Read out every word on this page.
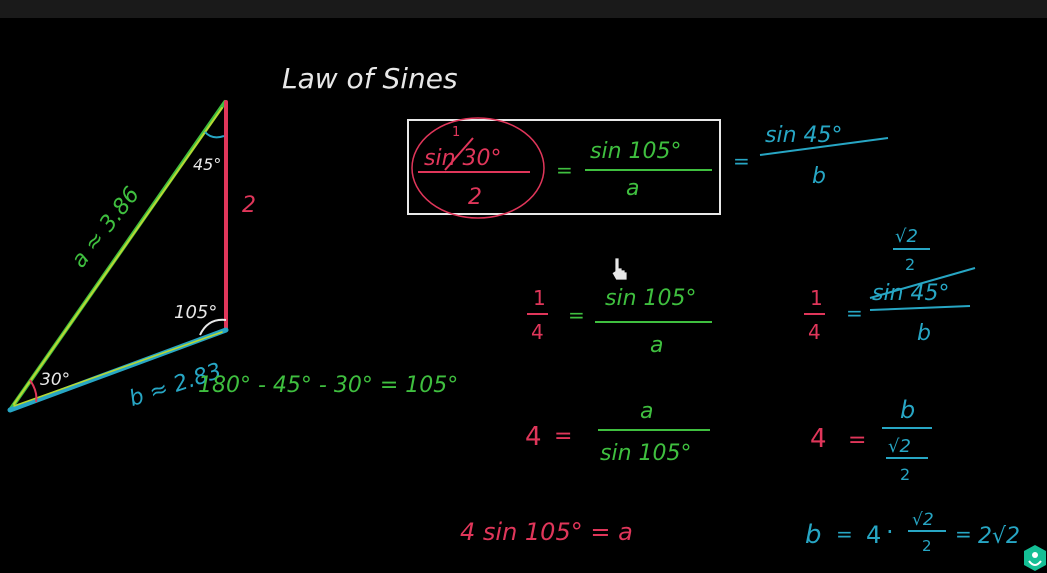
Law of Sines
a ≈ 3.86	2
45°
105°
30°	b ≈ 2.83
180° - 45° - 30° = 105°
sin 30°
1
2
=
sin 105°
a
=
sin 45°
b
1
4
=
sin 105°
a
4 =
a
sin 105°
4 sin 105° = a
1
4
=
√2
2
sin 45°
b
4 =
b
√2
2
b = 4 · √2
2 = 2√2
